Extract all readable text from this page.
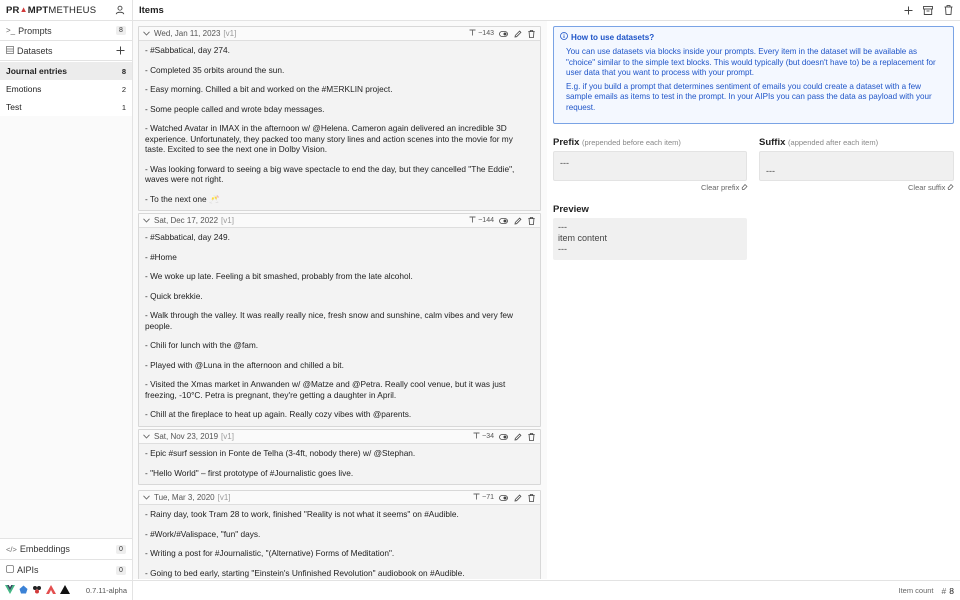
PR▲MPTMETHEUS
>_ Prompts	8
Datasets
Journal entries	8
Emotions	2
Test	1
</> Embeddings	0
AIPIs	0
0.7.11-alpha
Items
Wed, Jan 11, 2023 [v1]	~143

- #Sabbatical, day 274.

- Completed 35 orbits around the sun.

- Easy morning. Chilled a bit and worked on the #MΞRKLIN project.

- Some people called and wrote bday messages.

- Watched Avatar in IMAX in the afternoon w/ @Helena. Cameron again delivered an incredible 3D experience. Unfortunately, they packed too many story lines and action scenes into the movie for my taste. Excited to see the next one in Dolby Vision.

- Was looking forward to seeing a big wave spectacle to end the day, but they cancelled "The Eddie", waves were not right.

- To the next one 🥂

Sat, Dec 17, 2022 [v1]	~144

- #Sabbatical, day 249.

- #Home

- We woke up late. Feeling a bit smashed, probably from the late alcohol.

- Quick brekkie.

- Walk through the valley. It was really really nice, fresh snow and sunshine, calm vibes and very few people.

- Chili for lunch with the @fam.

- Played with @Luna in the afternoon and chilled a bit.

- Visited the Xmas market in Anwanden w/ @Matze and @Petra. Really cool venue, but it was just freezing, -10°C. Petra is pregnant, they're getting a daughter in April.

- Chill at the fireplace to heat up again. Really cozy vibes with @parents.

Sat, Nov 23, 2019 [v1]	~34

- Epic #surf session in Fonte de Telha (3-4ft, nobody there) w/ @Stephan.

- "Hello World" – first prototype of #Journalistic goes live.

Tue, Mar 3, 2020 [v1]	~71

- Rainy day, took Tram 28 to work, finished "Reality is not what it seems" on #Audible.

- #Work/#Valispace, "fun" days.

- Writing a post for #Journalistic, "(Alternative) Forms of Meditation".

- Going to bed early, starting "Einstein's Unfinished Revolution" audiobook on #Audible.

How to use datasets?
You can use datasets via blocks inside your prompts. Every item in the dataset will be available as "choice" similar to the simple text blocks. This would typically (but doesn't have to) be a replacement for user data that you want to process with your prompt.
E.g. if you build a prompt that determines sentiment of emails you could create a dataset with a few sample emails as items to test in the prompt. In your AIPIs you can pass the data as payload with your request.
Prefix (prepended before each item)
---
Clear prefix
Suffix (appended after each item)
---
Clear suffix
Preview
---
item content
---
Item count # 8
